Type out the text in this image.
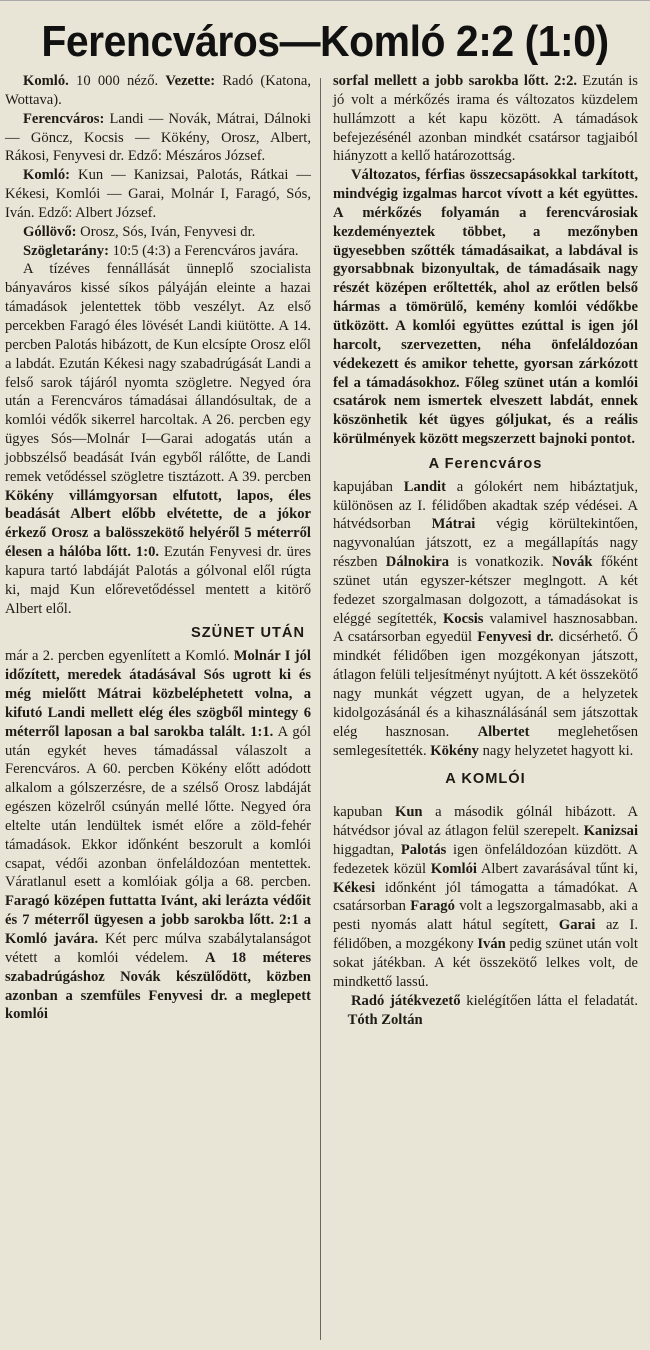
Ferencváros—Komló 2:2 (1:0)

Komló. 10 000 néző. Vezette: Radó (Katona, Wottava).

Ferencváros: Landi — Novák, Mátrai, Dálnoki — Göncz, Kocsis — Kökény, Orosz, Albert, Rákosi, Fenyvesi dr. Edző: Mészáros József.

Komló: Kun — Kanizsai, Palotás, Rátkai — Kékesi, Komlói — Garai, Molnár I, Faragó, Sós, Iván. Edző: Albert József.

Góllövő: Orosz, Sós, Iván, Fenyvesi dr.

Szögletarány: 10:5 (4:3) a Ferencváros javára.

A tízéves fennállását ünneplő szocialista bányaváros kissé síkos pályáján eleinte a hazai támadások jelentettek több veszélyt. Az első percekben Faragó éles lövését Landi kiütötte. A 14. percben Palotás hibázott, de Kun elcsípte Orosz elől a labdát. Ezután Kékesi nagy szabadrúgását Landi a felső sarok tájáról nyomta szögletre. Negyed óra után a Ferencváros támadásai állandósultak, de a komlói védők sikerrel harcoltak. A 26. percben egy ügyes Sós—Molnár I—Garai adogatás után a jobbszélső beadását Iván egyből rálőtte, de Landi remek vetődéssel szögletre tisztázott. A 39. percben Kökény villámgyorsan elfutott, lapos, éles beadását Albert előbb elvétette, de a jókor érkező Orosz a balösszekötő helyéről 5 méterről élesen a hálóba lőtt. 1:0. Ezután Fenyvesi dr. üres kapura tartó labdáját Palotás a gólvonal elől rúgta ki, majd Kun előrevetődéssel mentett a kitörő Albert elől.

SZÜNET UTÁN

már a 2. percben egyenlített a Komló. Molnár I jól időzített, meredek átadásával Sós ugrott ki és még mielőtt Mátrai közbeléphetett volna, a kifutó Landi mellett elég éles szögből mintegy 6 méterről laposan a bal sarokba talált. 1:1. A gól után egykét heves támadással válaszolt a Ferencváros. A 60. percben Kökény előtt adódott alkalom a gólszerzésre, de a szélső Orosz labdáját egészen közelről csúnyán mellé lőtte. Negyed óra eltelte után lendültek ismét előre a zöld-fehér támadások. Ekkor időnként beszorult a komlói csapat, védői azonban önfeláldozóan mentettek. Váratlanul esett a komlóiak gólja a 68. percben. Faragó középen futtatta Ivánt, aki lerázta védőit és 7 méterről ügyesen a jobb sarokba lőtt. 2:1 a Komló javára. Két perc múlva szabálytalanságot vétett a komlói védelem. A 18 méteres szabadrúgáshoz Novák készülődött, közben azonban a szemfüles Fenyvesi dr. a meglepett komlói

sorfal mellett a jobb sarokba lőtt. 2:2. Ezután is jó volt a mérkőzés irama és változatos küzdelem hullámzott a két kapu között. A támadások befejezésénél azonban mindkét csatársor tagjaiból hiányzott a kellő határozottság.

Változatos, férfias összecsapásokkal tarkított, mindvégig izgalmas harcot vívott a két együttes. A mérkőzés folyamán a ferencvárosiak kezdeményeztek többet, a mezőnyben ügyesebben szőtték támadásaikat, a labdával is gyorsabbnak bizonyultak, de támadásaik nagy részét középen erőltették, ahol az erőtlen belső hármas a tömörülő, kemény komlói védőkbe ütközött. A komlói együttes ezúttal is igen jól harcolt, szervezetten, néha önfeláldozóan védekezett és amikor tehette, gyorsan zárkózott fel a támadásokhoz. Főleg szünet után a komlói csatárok nem ismertek elveszett labdát, ennek köszönhetik két ügyes góljukat, és a reális körülmények között megszerzett bajnoki pontot.

A Ferencváros

kapujában Landit a gólokért nem hibáztatjuk, különösen az I. félidőben akadtak szép védései. A hátvédsorban Mátrai végig körültekintően, nagyvonalúan játszott, ez a megállapítás nagy részben Dálnokira is vonatkozik. Novák főként szünet után egyszer-kétszer meglngott. A két fedezet szorgalmasan dolgozott, a támadásokat is eléggé segítették, Kocsis valamivel hasznosabban. A csatársorban egyedül Fenyvesi dr. dicsérhető. Ő mindkét félidőben igen mozgékonyan játszott, átlagon felüli teljesítményt nyújtott. A két összekötő nagy munkát végzett ugyan, de a helyzetek kidolgozásánál és a kihasználásánál sem játszottak elég hasznosan. Albertet meglehetősen semlegesítették. Kökény nagy helyzetet hagyott ki.

A KOMLÓI

kapuban Kun a második gólnál hibázott. A hátvédsor jóval az átlagon felül szerepelt. Kanizsai higgadtan, Palotás igen önfeláldozóan küzdött. A fedezetek közül Komlói Albert zavarásával tűnt ki, Kékesi időnként jól támogatta a támadókat. A csatársorban Faragó volt a legszorgalmasabb, aki a pesti nyomás alatt hátul segített, Garai az I. félidőben, a mozgékony Iván pedig szünet után volt sokat játékban. A két összekötő lelkes volt, de mindkettő lassú.

Radó játékvezető kielégítően látta el feladatát.     Tóth Zoltán
